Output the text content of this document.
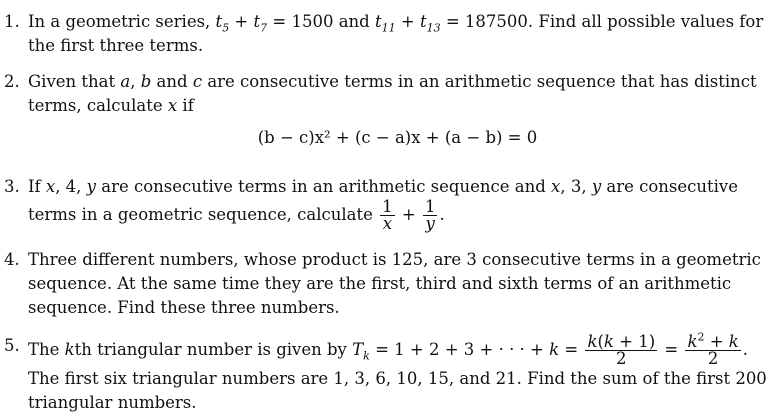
1. In a geometric series, $t_5 + t_7 = 1500$ and $t_{11} + t_{13} = 187500$. Find all possible values for the first three terms.
2. Given that a, b and c are consecutive terms in an arithmetic sequence that has distinct terms, calculate x if
(b − c)x² + (c − a)x + (a − b) = 0
3. If x, 4, y are consecutive terms in an arithmetic sequence and x, 3, y are consecutive terms in a geometric sequence, calculate $\frac{1}{x} + \frac{1}{y}$ .
4. Three different numbers, whose product is 125, are 3 consecutive terms in a geometric sequence. At the same time they are the first, third and sixth terms of an arithmetic sequence. Find these three numbers.
5. The kth triangular number is given by $T_k = 1 + 2 + 3$ + · · · + $k = \frac{k(k + 1)}{2} = \frac{k^2 + k}{2}$ . The first six triangular numbers are 1, 3, 6, 10, 15, and 21. Find the sum of the first 200 triangular numbers.
